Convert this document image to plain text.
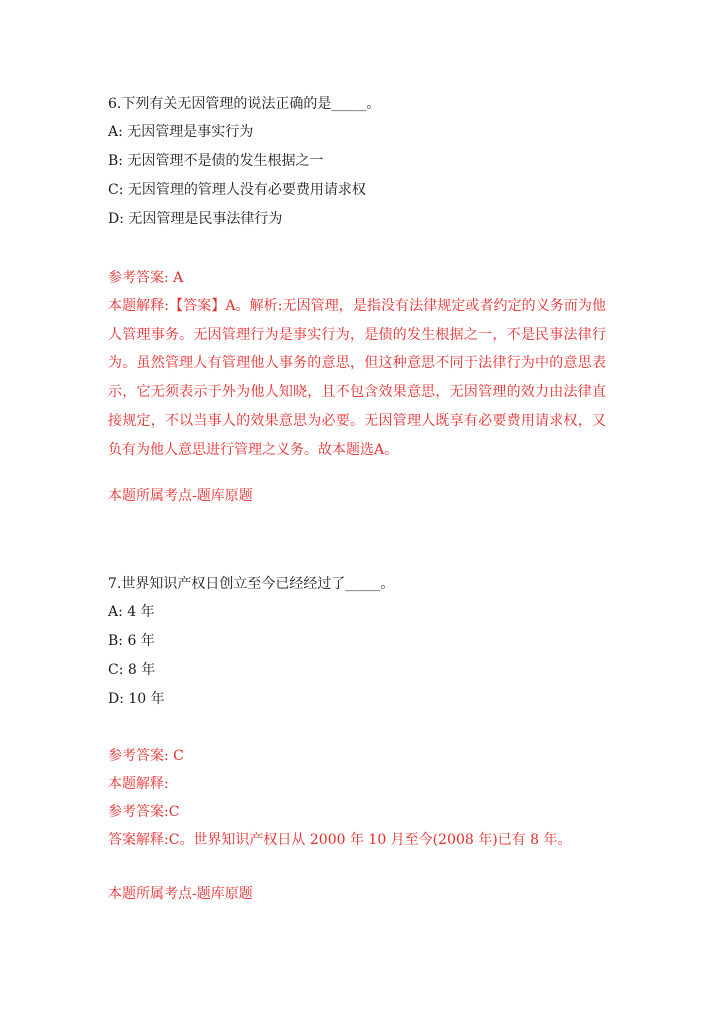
6.下列有关无因管理的说法正确的是_____。
A: 无因管理是事实行为
B: 无因管理不是债的发生根据之一
C: 无因管理的管理人没有必要费用请求权
D: 无因管理是民事法律行为
参考答案: A
本题解释:【答案】A。解析:无因管理，是指没有法律规定或者约定的义务而为他人管理事务。无因管理行为是事实行为，是债的发生根据之一，不是民事法律行为。虽然管理人有管理他人事务的意思，但这种意思不同于法律行为中的意思表示，它无须表示于外为他人知晓，且不包含效果意思，无因管理的效力由法律直接规定，不以当事人的效果意思为必要。无因管理人既享有必要费用请求权，又负有为他人意思进行管理之义务。故本题选A。
本题所属考点-题库原题
7.世界知识产权日创立至今已经经过了_____。
A: 4 年
B: 6 年
C: 8 年
D: 10 年
参考答案: C
本题解释:
参考答案:C
答案解释:C。世界知识产权日从 2000 年 10 月至今(2008 年)已有 8 年。
本题所属考点-题库原题
